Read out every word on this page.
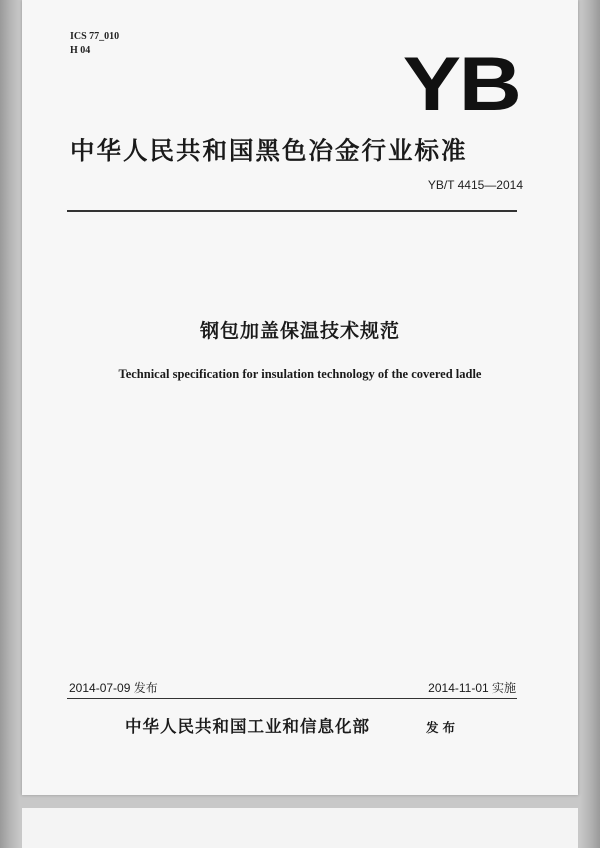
ICS 77_010
H 04	YB
中华人民共和国黑色冶金行业标准
YB/T 4415—2014
钢包加盖保温技术规范
Technical specification for insulation technology of the covered ladle
2014-07-09 发布	2014-11-01 实施
中华人民共和国工业和信息化部	发布
